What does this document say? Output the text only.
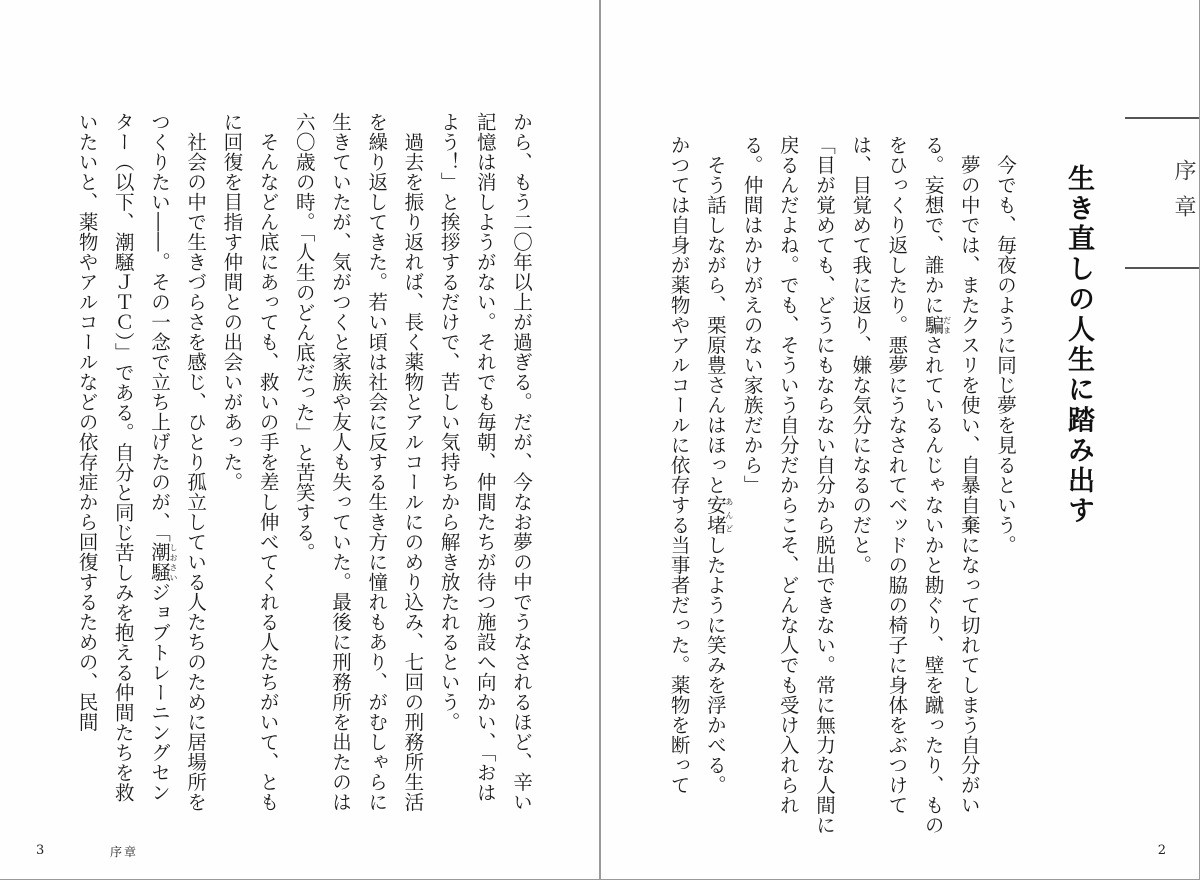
から、もう二〇年以上が過ぎる。だが、今なお夢の中でうなされるほど、辛い記憶は消しようがない。それでも毎朝、仲間たちが待つ施設へ向かい、「おはよう！」と挨拶するだけで、苦しい気持ちから解き放たれるという。

過去を振り返れば、長く薬物とアルコールにのめり込み、七回の刑務所生活を繰り返してきた。若い頃は社会に反する生き方に憧れもあり、がむしゃらに生きていたが、気がつくと家族や友人も失っていた。最後に刑務所を出たのは六〇歳の時。「人生のどん底だった」と苦笑する。

そんなどん底にあっても、救いの手を差し伸べてくれる人たちがいて、ともに回復を目指す仲間との出会いがあった。

社会の中で生きづらさを感じ、ひとり孤立している人たちのために居場所をつくりたい――。その一念で立ち上げたのが、「潮騒しおさいジョブトレーニングセンター（以下、潮騒ＪＴＣ）」である。自分と同じ苦しみを抱える仲間たちを救いたいと、薬物やアルコールなどの依存症から回復するための、民間

3	序章
序章
生き直しの人生に踏み出す

今でも、毎夜のように同じ夢を見るという。

夢の中では、またクスリを使い、自暴自棄になって切れてしまう自分がいる。妄想で、誰かに騙だまされているんじゃないかと勘ぐり、壁を蹴ったり、ものをひっくり返したり。悪夢にうなされてベッドの脇の椅子に身体をぶつけては、目覚めて我に返り、嫌な気分になるのだと。

「目が覚めても、どうにもならない自分から脱出できない。常に無力な人間に戻るんだよね。でも、そういう自分だからこそ、どんな人でも受け入れられる。仲間はかけがえのない家族だから」

そう話しながら、栗原豊さんはほっと安堵あんどしたように笑みを浮かべる。

かつては自身が薬物やアルコールに依存する当事者だった。薬物を断って

2
